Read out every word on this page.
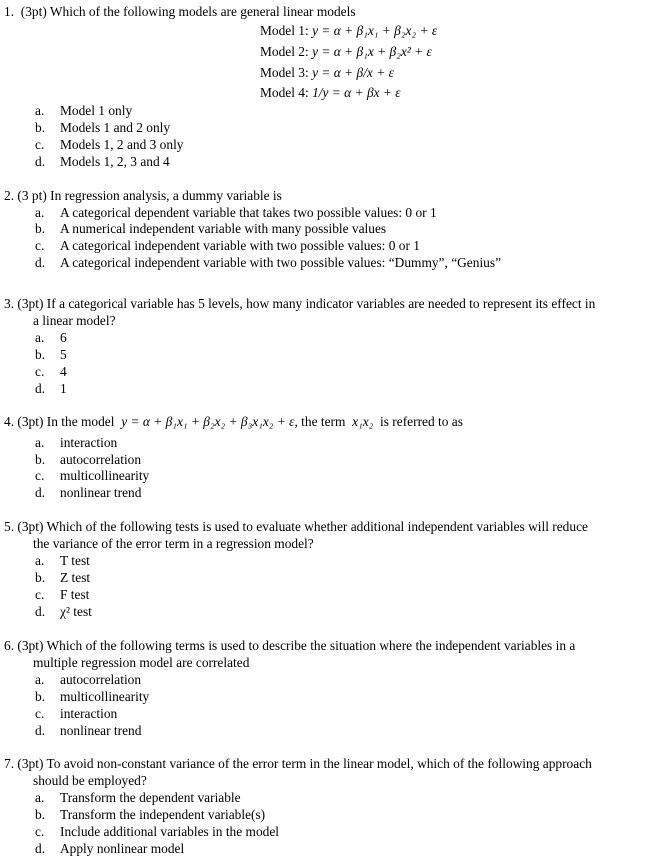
1. (3pt) Which of the following models are general linear models
Model 1: y = α + β₁x₁ + β₂x₂ + ε
Model 2: y = α + β₁x + β₂x² + ε
Model 3: y = α + β/x + ε
Model 4: 1/y = α + βx + ε
a.	Model 1 only
b. Models 1 and 2 only
c.	Models 1, 2 and 3 only
d. Models 1, 2, 3 and 4
2. (3 pt) In regression analysis, a dummy variable is
a.	A categorical dependent variable that takes two possible values: 0 or 1
b. A numerical independent variable with many possible values
c.	A categorical independent variable with two possible values: 0 or 1
d. A categorical independent variable with two possible values: “Dummy”, “Genius”
3. (3pt) If a categorical variable has 5 levels, how many indicator variables are needed to represent its effect in
a linear model?
a.	6
b. 5
c.	4
d. 1
4. (3pt) In the model y = α + β₁x₁ + β₂x₂ + β₃x₁x₂ + ε, the term x₁x₂ is referred to as
a.	interaction
b. autocorrelation
c.	multicollinearity
d. nonlinear trend
5. (3pt) Which of the following tests is used to evaluate whether additional independent variables will reduce
the variance of the error term in a regression model?
a.	T test
b. Z test
c.	F test
d. χ² test
6. (3pt) Which of the following terms is used to describe the situation where the independent variables in a
multiple regression model are correlated
a.	autocorrelation
b. multicollinearity
c.	interaction
d. nonlinear trend
7. (3pt) To avoid non-constant variance of the error term in the linear model, which of the following approach
should be employed?
a.	Transform the dependent variable
b. Transform the independent variable(s)
c.	Include additional variables in the model
d. Apply nonlinear model
